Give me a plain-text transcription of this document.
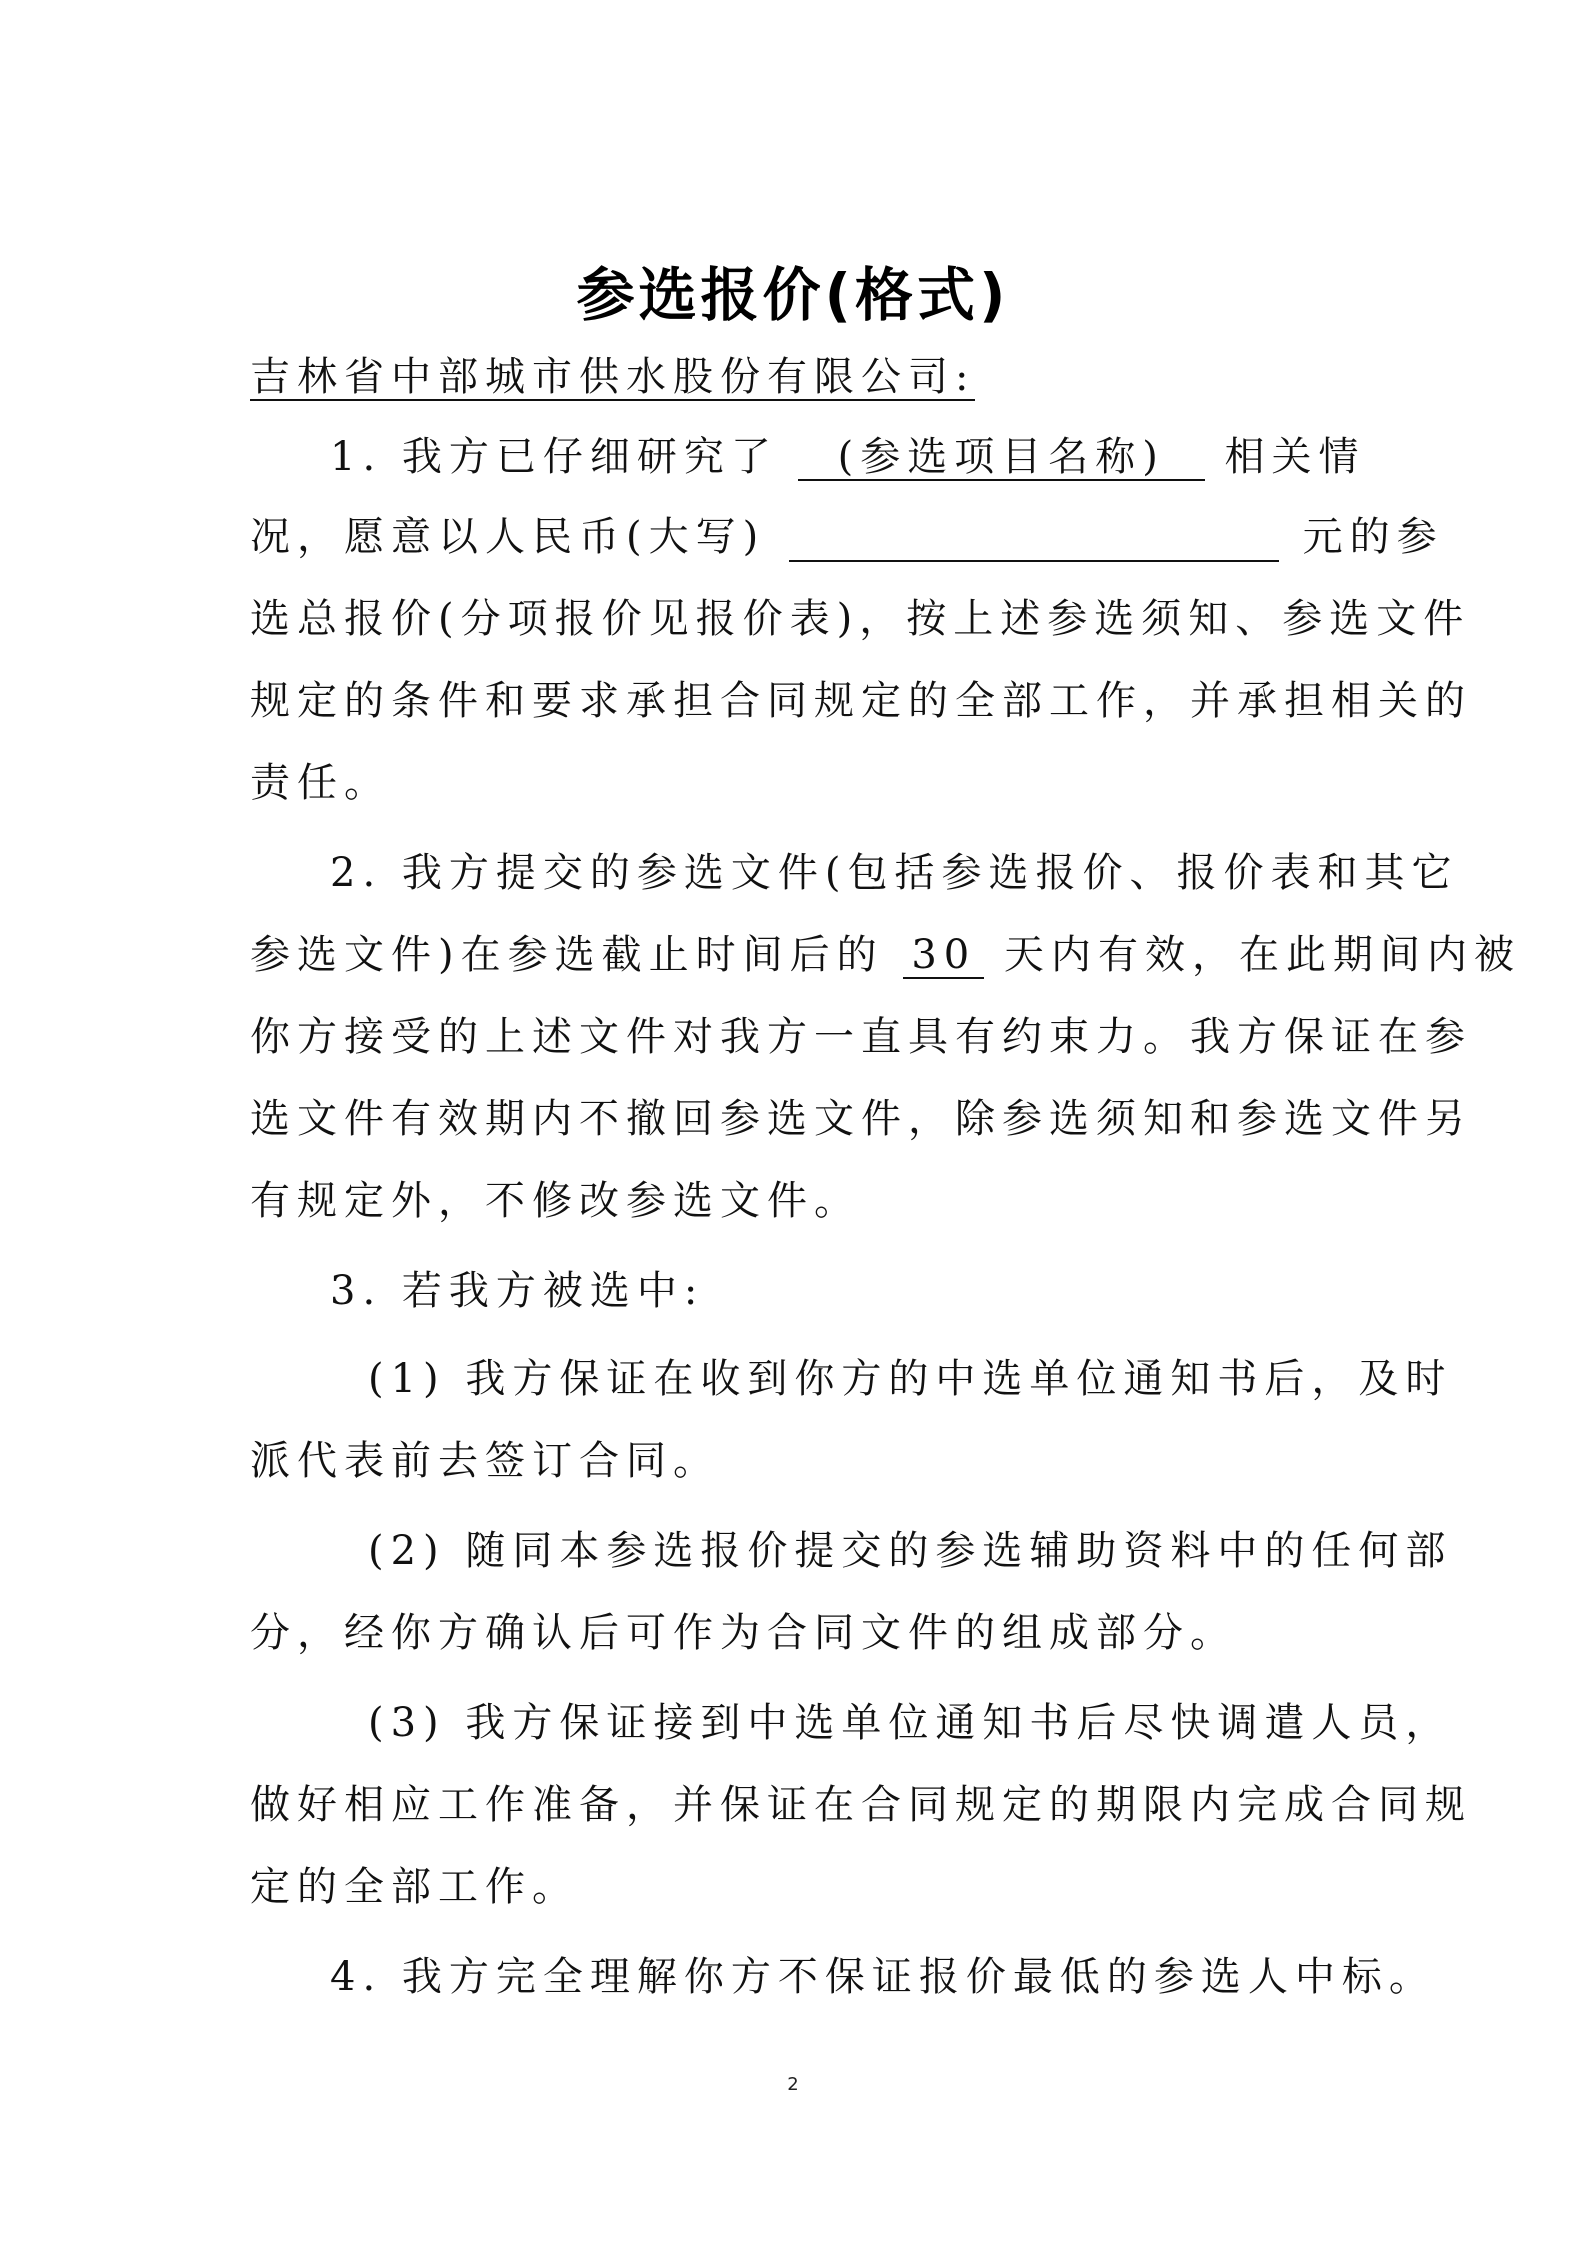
参选报价(格式)
吉林省中部城市供水股份有限公司:
1. 我方已仔细研究了 (参选项目名称) 相关情
况，愿意以人民币(大写)	元的参
选总报价(分项报价见报价表)，按上述参选须知、参选文件
规定的条件和要求承担合同规定的全部工作，并承担相关的
责任。
2. 我方提交的参选文件(包括参选报价、报价表和其它
参选文件)在参选截止时间后的 30 天内有效，在此期间内被
你方接受的上述文件对我方一直具有约束力。我方保证在参
选文件有效期内不撤回参选文件，除参选须知和参选文件另
有规定外，不修改参选文件。
3. 若我方被选中:
(1) 我方保证在收到你方的中选单位通知书后，及时
派代表前去签订合同。
(2) 随同本参选报价提交的参选辅助资料中的任何部
分，经你方确认后可作为合同文件的组成部分。
(3) 我方保证接到中选单位通知书后尽快调遣人员，
做好相应工作准备，并保证在合同规定的期限内完成合同规
定的全部工作。
4. 我方完全理解你方不保证报价最低的参选人中标。
2
